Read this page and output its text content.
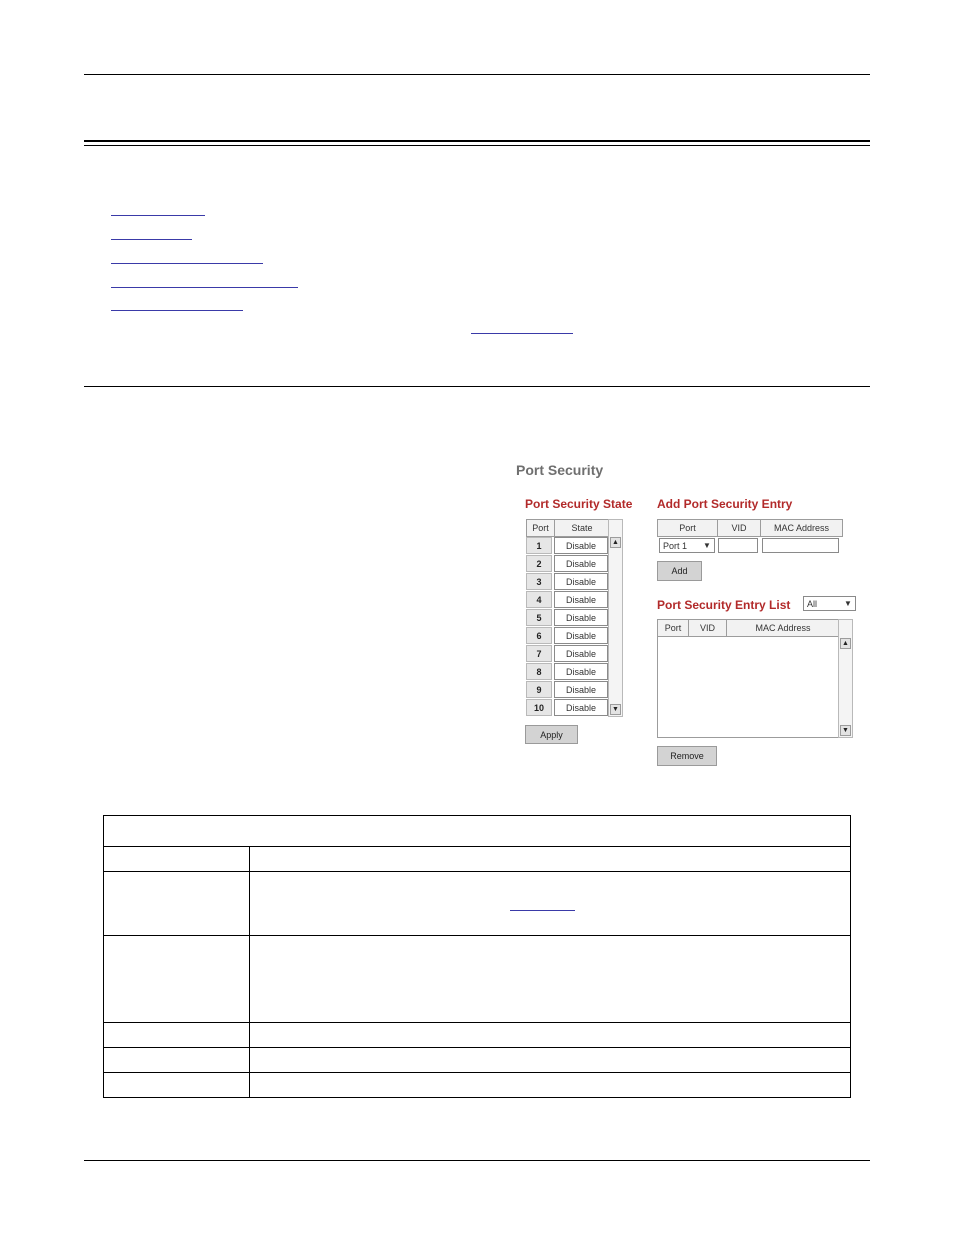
Port Security
Port Security State
Port	State
1	Disable
2	Disable
3	Disable
4	Disable
5	Disable
6	Disable
7	Disable
8	Disable
9	Disable
10	Disable
▲
▼
Apply
Add Port Security Entry
Port	VID	MAC Address
Port 1	▼
Add
Port Security Entry List All	▼
Port	VID	MAC Address
▲
▼
Remove
